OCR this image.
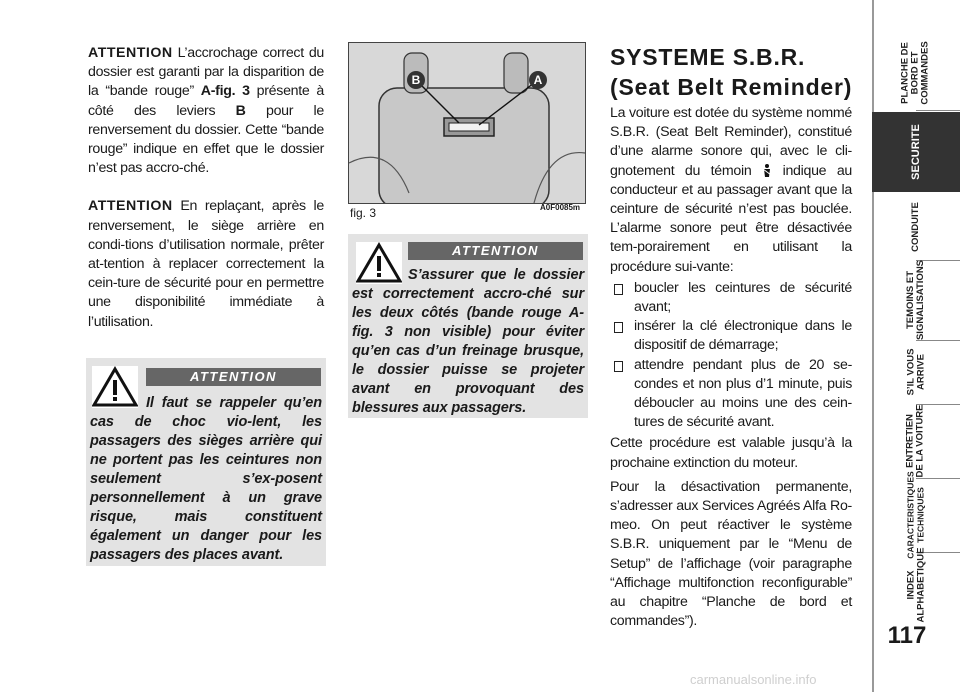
ATTENTION L’accrochage correct du dossier est garanti par la disparition de la “bande rouge” A-fig. 3 présente à côté des leviers B pour le renversement du dossier. Cette “bande rouge” indique en effet que le dossier n’est pas accro-ché.

ATTENTION En replaçant, après le renversement, le siège arrière en condi-tions d’utilisation normale, prêter at-tention à replacer correctement la cein-ture de sécurité pour en permettre une disponibilité immédiate à l’utilisation.

ATTENTION

Il faut se rappeler qu’en cas de choc vio-lent, les passagers des sièges arrière qui ne portent pas les ceintures non seulement s’ex-posent personnellement à un grave risque, mais constituent également un danger pour les passagers des places avant.

B	A
fig. 3	A0F0085m
ATTENTION

S’assurer que le dossier est correctement accro-ché sur les deux côtés (bande rouge A-fig. 3 non visible) pour éviter qu’en cas d’un freinage brusque, le dossier puisse se projeter avant en provoquant des blessures aux passagers.

SYSTEME S.B.R.
(Seat Belt Reminder)

La voiture est dotée du système nommé S.B.R. (Seat Belt Reminder), constitué d’une alarme sonore qui, avec le cli-gnotement du témoin  indique au conducteur et au passager avant que la ceinture de sécurité n’est pas bouclée. L’alarme sonore peut être désactivée tem-porairement en utilisant la procédure sui-vante:

boucler les ceintures de sécurité avant;
insérer la clé électronique dans le dispositif de démarrage;
attendre pendant plus de 20 se-condes et non plus d’1 minute, puis déboucler au moins une des cein-tures de sécurité avant.

Cette procédure est valable jusqu’à la prochaine extinction du moteur.

Pour la désactivation permanente, s’adresser aux Services Agréés Alfa Ro-meo. On peut réactiver le système S.B.R. uniquement par le “Menu de Setup” de l’affichage (voir paragraphe “Affichage multifonction reconfigurable” au chapitre “Planche de bord et commandes”).

PLANCHE DE
BORD ET
COMMANDES
SECURITE
CONDUITE
TEMOINS ET
SIGNALISATIONS
S’IL VOUS
ARRIVE
ENTRETIEN
DE LA VOITURE
CARACTERISTIQUES
TECHNIQUES
INDEX
ALPHABETIQUE
117
carmanualsonline.info
